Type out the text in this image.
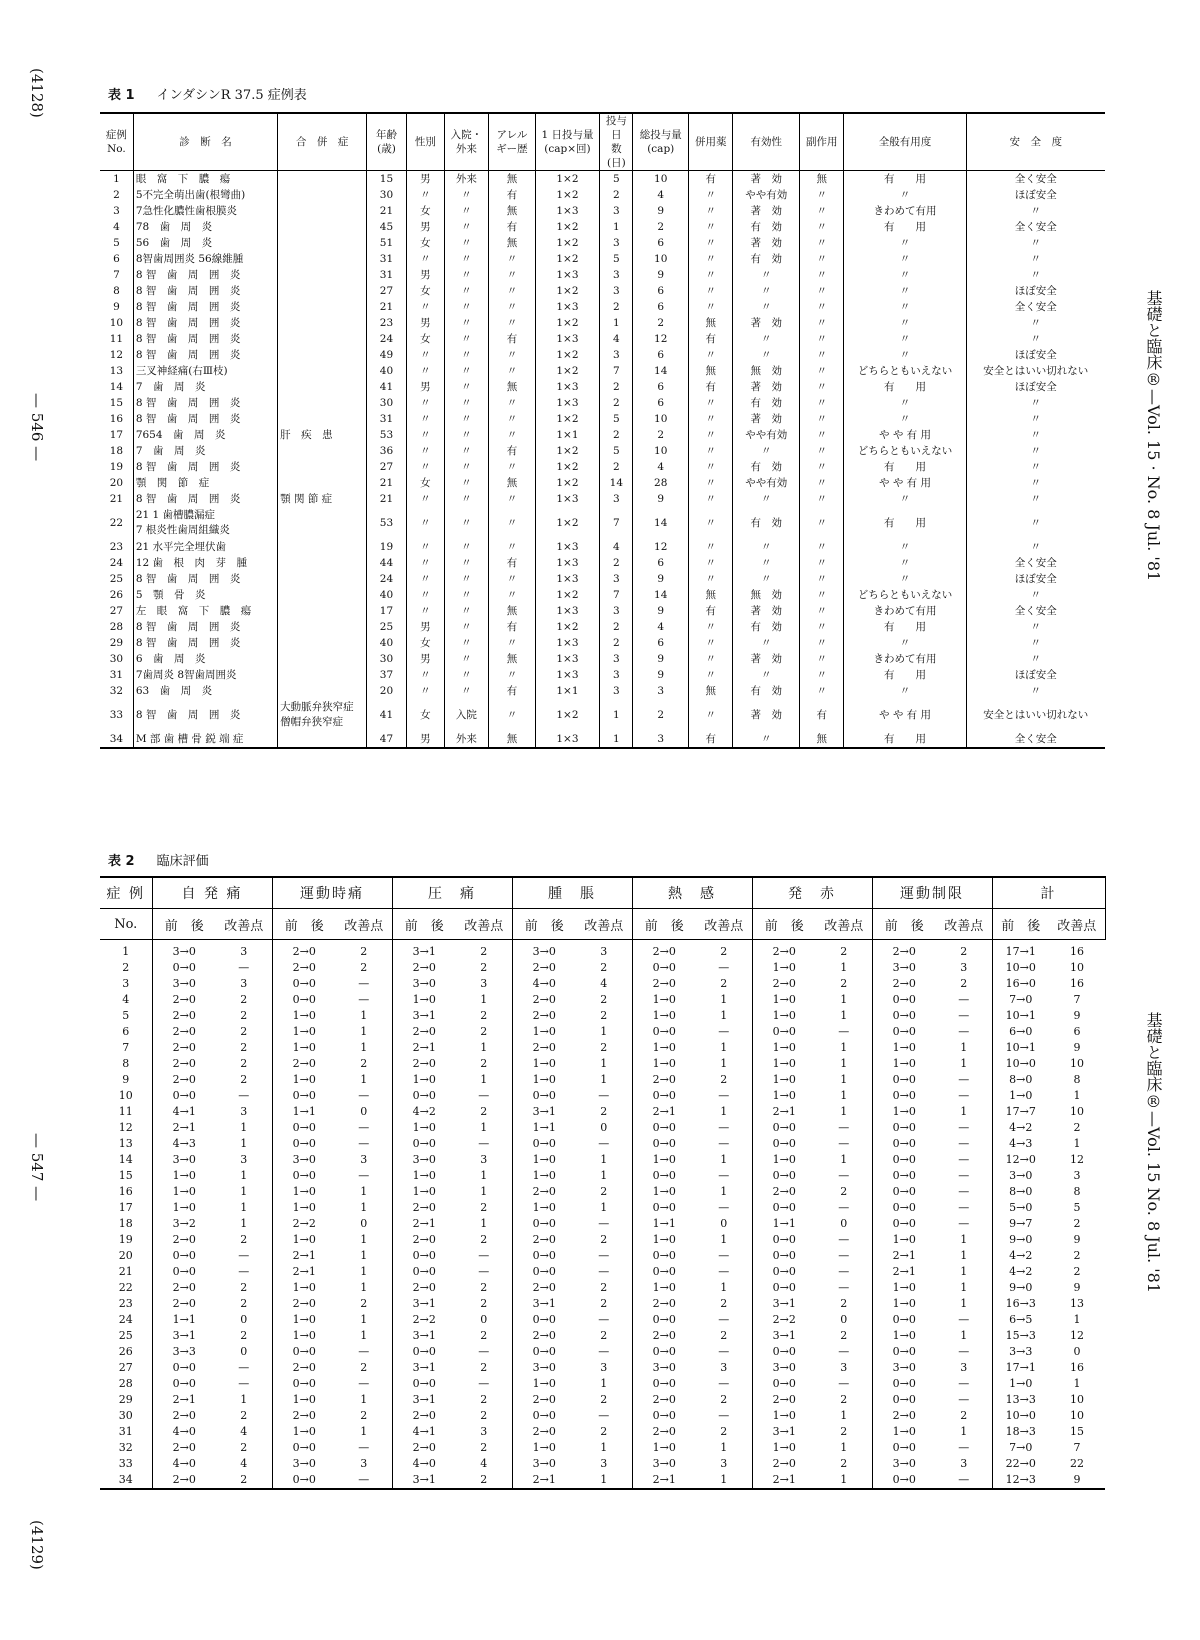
(4128)
— 546 —
— 547 —
(4129)
基礎と臨床®—Vol. 15 · No. 8 Jul. '81
基礎と臨床®—Vol. 15 No. 8 Jul. '81
表 1 インダシンR 37.5 症例表
症例
No.	診　断　名	合　併　症	年齢
(歳)	性別	入院・
外来	アレル
ギー歴	1 日投与量
(cap×回)	投与日
数(日)	総投与量
(cap)	併用薬	有効性	副作用	全般有用度	安　全　度
1	眼　窩　下　膿　瘍		15	男	外来	無	1×2	5	10	有	著　効	無	有　　用	全く安全
2	5不完全萌出歯(根彎曲)		30	〃	〃	有	1×2	2	4	〃	やや有効	〃	〃	ほぼ安全
3	7急性化膿性歯根膜炎		21	女	〃	無	1×3	3	9	〃	著　効	〃	きわめて有用	〃
4	78　歯　周　炎		45	男	〃	有	1×2	1	2	〃	有　効	〃	有　　用	全く安全
5	56　歯　周　炎		51	女	〃	無	1×2	3	6	〃	著　効	〃	〃	〃
6	8智歯周囲炎 56線維腫		31	〃	〃	〃	1×2	5	10	〃	有　効	〃	〃	〃
7	8 智　歯　周　囲　炎		31	男	〃	〃	1×3	3	9	〃	〃	〃	〃	〃
8	8 智　歯　周　囲　炎		27	女	〃	〃	1×2	3	6	〃	〃	〃	〃	ほぼ安全
9	8 智　歯　周　囲　炎		21	〃	〃	〃	1×3	2	6	〃	〃	〃	〃	全く安全
10	8 智　歯　周　囲　炎		23	男	〃	〃	1×2	1	2	無	著　効	〃	〃	〃
11	8 智　歯　周　囲　炎		24	女	〃	有	1×3	4	12	有	〃	〃	〃	〃
12	8 智　歯　周　囲　炎		49	〃	〃	〃	1×2	3	6	〃	〃	〃	〃	ほぼ安全
13	三叉神経痛(右Ⅲ枝)		40	〃	〃	〃	1×2	7	14	無	無　効	〃	どちらともいえない	安全とはいい切れない
14	7　歯　周　炎		41	男	〃	無	1×3	2	6	有	著　効	〃	有　　用	ほぼ安全
15	8 智　歯　周　囲　炎		30	〃	〃	〃	1×3	2	6	〃	有　効	〃	〃	〃
16	8 智　歯　周　囲　炎		31	〃	〃	〃	1×2	5	10	〃	著　効	〃	〃	〃
17	7654　歯　周　炎	肝　疾　患	53	〃	〃	〃	1×1	2	2	〃	やや有効	〃	や や 有 用	〃
18	7　歯　周　炎		36	〃	〃	有	1×2	5	10	〃	〃	〃	どちらともいえない	〃
19	8 智　歯　周　囲　炎		27	〃	〃	〃	1×2	2	4	〃	有　効	〃	有　　用	〃
20	顎　関　節　症		21	女	〃	無	1×2	14	28	〃	やや有効	〃	や や 有 用	〃
21	8 智　歯　周　囲　炎	顎 関 節 症	21	〃	〃	〃	1×3	3	9	〃	〃	〃	〃	〃
22	21 1 歯槽膿漏症
7 根炎性歯周組織炎		53	〃	〃	〃	1×2	7	14	〃	有　効	〃	有　　用	〃
23	21 水平完全埋伏歯		19	〃	〃	〃	1×3	4	12	〃	〃	〃	〃	〃
24	12 歯　根　肉　芽　腫		44	〃	〃	有	1×3	2	6	〃	〃	〃	〃	全く安全
25	8 智　歯　周　囲　炎		24	〃	〃	〃	1×3	3	9	〃	〃	〃	〃	ほぼ安全
26	5　顎　骨　炎		40	〃	〃	〃	1×2	7	14	無	無　効	〃	どちらともいえない	〃
27	左　眼　窩　下　膿　瘍		17	〃	〃	無	1×3	3	9	有	著　効	〃	きわめて有用	全く安全
28	8 智　歯　周　囲　炎		25	男	〃	有	1×2	2	4	〃	有　効	〃	有　　用	〃
29	8 智　歯　周　囲　炎		40	女	〃	〃	1×3	2	6	〃	〃	〃	〃	〃
30	6　歯　周　炎		30	男	〃	無	1×3	3	9	〃	著　効	〃	きわめて有用	〃
31	7歯周炎 8智歯周囲炎		37	〃	〃	〃	1×3	3	9	〃	〃	〃	有　　用	ほぼ安全
32	63　歯　周　炎		20	〃	〃	有	1×1	3	3	無	有　効	〃	〃	〃
33	8 智　歯　周　囲　炎	大動脈弁狭窄症
僧帽弁狭窄症	41	女	入院	〃	1×2	1	2	〃	著　効	有	や や 有 用	安全とはいい切れない
34	M 部 歯 槽 骨 鋭 端 症		47	男	外来	無	1×3	1	3	有	〃	無	有　　用	全く安全
表 2 臨床評価
症 例	自 発 痛		運動時痛		圧　痛		腫　脹		熱　感		発　赤		運動制限		計	
No.	前　後	改善点	前　後	改善点	前　後	改善点	前　後	改善点	前　後	改善点	前　後	改善点	前　後	改善点	前　後	改善点
1	3→0	3	2→0	2	3→1	2	3→0	3	2→0	2	2→0	2	2→0	2	17→1	16
2	0→0	—	2→0	2	2→0	2	2→0	2	0→0	—	1→0	1	3→0	3	10→0	10
3	3→0	3	0→0	—	3→0	3	4→0	4	2→0	2	2→0	2	2→0	2	16→0	16
4	2→0	2	0→0	—	1→0	1	2→0	2	1→0	1	1→0	1	0→0	—	7→0	7
5	2→0	2	1→0	1	3→1	2	2→0	2	1→0	1	1→0	1	0→0	—	10→1	9
6	2→0	2	1→0	1	2→0	2	1→0	1	0→0	—	0→0	—	0→0	—	6→0	6
7	2→0	2	1→0	1	2→1	1	2→0	2	1→0	1	1→0	1	1→0	1	10→1	9
8	2→0	2	2→0	2	2→0	2	1→0	1	1→0	1	1→0	1	1→0	1	10→0	10
9	2→0	2	1→0	1	1→0	1	1→0	1	2→0	2	1→0	1	0→0	—	8→0	8
10	0→0	—	0→0	—	0→0	—	0→0	—	0→0	—	1→0	1	0→0	—	1→0	1
11	4→1	3	1→1	0	4→2	2	3→1	2	2→1	1	2→1	1	1→0	1	17→7	10
12	2→1	1	0→0	—	1→0	1	1→1	0	0→0	—	0→0	—	0→0	—	4→2	2
13	4→3	1	0→0	—	0→0	—	0→0	—	0→0	—	0→0	—	0→0	—	4→3	1
14	3→0	3	3→0	3	3→0	3	1→0	1	1→0	1	1→0	1	0→0	—	12→0	12
15	1→0	1	0→0	—	1→0	1	1→0	1	0→0	—	0→0	—	0→0	—	3→0	3
16	1→0	1	1→0	1	1→0	1	2→0	2	1→0	1	2→0	2	0→0	—	8→0	8
17	1→0	1	1→0	1	2→0	2	1→0	1	0→0	—	0→0	—	0→0	—	5→0	5
18	3→2	1	2→2	0	2→1	1	0→0	—	1→1	0	1→1	0	0→0	—	9→7	2
19	2→0	2	1→0	1	2→0	2	2→0	2	1→0	1	0→0	—	1→0	1	9→0	9
20	0→0	—	2→1	1	0→0	—	0→0	—	0→0	—	0→0	—	2→1	1	4→2	2
21	0→0	—	2→1	1	0→0	—	0→0	—	0→0	—	0→0	—	2→1	1	4→2	2
22	2→0	2	1→0	1	2→0	2	2→0	2	1→0	1	0→0	—	1→0	1	9→0	9
23	2→0	2	2→0	2	3→1	2	3→1	2	2→0	2	3→1	2	1→0	1	16→3	13
24	1→1	0	1→0	1	2→2	0	0→0	—	0→0	—	2→2	0	0→0	—	6→5	1
25	3→1	2	1→0	1	3→1	2	2→0	2	2→0	2	3→1	2	1→0	1	15→3	12
26	3→3	0	0→0	—	0→0	—	0→0	—	0→0	—	0→0	—	0→0	—	3→3	0
27	0→0	—	2→0	2	3→1	2	3→0	3	3→0	3	3→0	3	3→0	3	17→1	16
28	0→0	—	0→0	—	0→0	—	1→0	1	0→0	—	0→0	—	0→0	—	1→0	1
29	2→1	1	1→0	1	3→1	2	2→0	2	2→0	2	2→0	2	0→0	—	13→3	10
30	2→0	2	2→0	2	2→0	2	0→0	—	0→0	—	1→0	1	2→0	2	10→0	10
31	4→0	4	1→0	1	4→1	3	2→0	2	2→0	2	3→1	2	1→0	1	18→3	15
32	2→0	2	0→0	—	2→0	2	1→0	1	1→0	1	1→0	1	0→0	—	7→0	7
33	4→0	4	3→0	3	4→0	4	3→0	3	3→0	3	2→0	2	3→0	3	22→0	22
34	2→0	2	0→0	—	3→1	2	2→1	1	2→1	1	2→1	1	0→0	—	12→3	9
